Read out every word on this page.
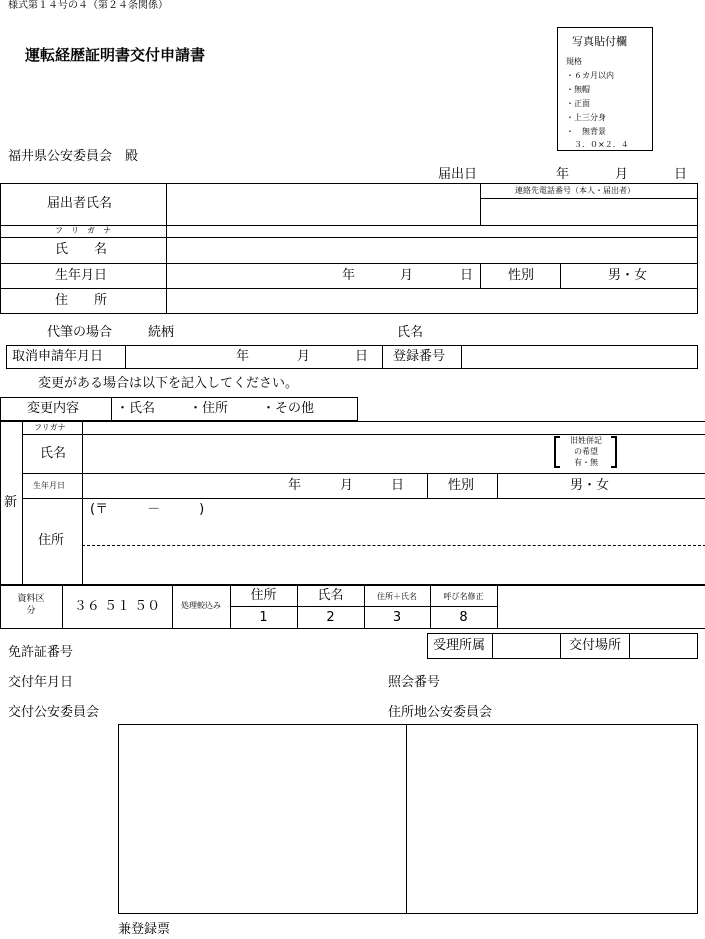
様式第１４号の４（第２４条関係）
運転経歴証明書交付申請書
写真貼付欄
規格
・６カ月以内
・無帽
・正面
・上三分身
・　無背景
　３．０×２．４
福井県公安委員会　殿
届出日	年	月	日
届出者氏名
連絡先電話番号（本人・届出者）
フ　リ　ガ　ナ
氏　　名
生年月日	年	月	日	性別	男・女
住　　所
代筆の場合	続柄	氏名
取消申請年月日	年	月	日 登録番号
変更がある場合は以下を記入してください。
変更内容	・氏名	・住所	・その他
新
フリガナ
氏名
旧姓併記
の希望
有・無
生年月日	年	月	日	性別	男・女
住所
(〒　　　－　　　)
資料区
分	３６ ５１ ５０	処理較込み
住所	氏名	住所＋氏名	呼び名修正
1	2	3	8
受理所属	交付場所
免許証番号
交付年月日	照会番号
交付公安委員会	住所地公安委員会
兼登録票
